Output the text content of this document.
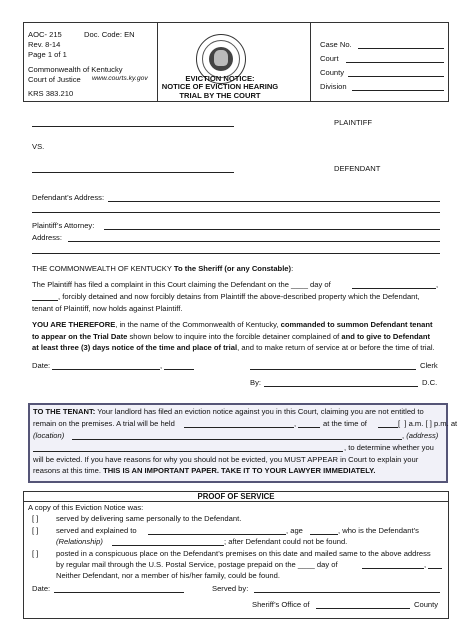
AOC- 215	Doc. Code: EN
Rev. 8-14
Page 1 of 1
Commonwealth of Kentucky
Court of Justice www.courts.ky.gov
KRS 383.210
EVICTION NOTICE:
NOTICE OF EVICTION HEARING
TRIAL BY THE COURT
Case No.
Court
County
Division
PLAINTIFF
VS.
DEFENDANT
Defendant’s Address:
Plaintiff’s Attorney:
Address:
THE COMMONWEALTH OF KENTUCKY To the Sheriff (or any Constable):
The Plaintiff has filed a complaint in this Court claiming the Defendant on the ____ day of	,
, forcibly detained and now forcibly detains from Plaintiff the above-described property which the Defendant,
tenant of Plaintiff, now holds against Plaintiff.
YOU ARE THEREFORE, in the name of the Commonwealth of Kentucky, commanded to summon Defendant tenant
to appear on the Trial Date shown below to inquire into the forcible detainer complained of and to give to Defendant
at least three (3) days notice of the time and place of trial, and to make return of service at or before the time of trial.
Date:	,	Clerk
By:	D.C.
TO THE TENANT: Your landlord has filed an eviction notice against you in this Court, claiming you are not entitled to
remain on the premises. A trial will be held	,	at the time of	[  ] a.m. [ ] p.m. at
(location)	, (address)
, to determine whether you
will be evicted. If you have reasons for why you should not be evicted, you MUST APPEAR in Court to explain your
reasons at this time. THIS IS AN IMPORTANT PAPER. TAKE IT TO YOUR LAWYER IMMEDIATELY.
PROOF OF SERVICE
A copy of this Eviction Notice was:
[ ] served by delivering same personally to the Defendant.
[ ] served and explained to	, age	, who is the Defendant’s
(Relationship)	; after Defendant could not be found.
[ ] posted in a conspicuous place on the Defendant’s premises on this date and mailed same to the above address
by regular mail through the U.S. Postal Service, postage prepaid on the ____ day of	,
Neither Defendant, nor a member of his/her family, could be found.
Date:	Served by:
Sheriff’s Office of	County
